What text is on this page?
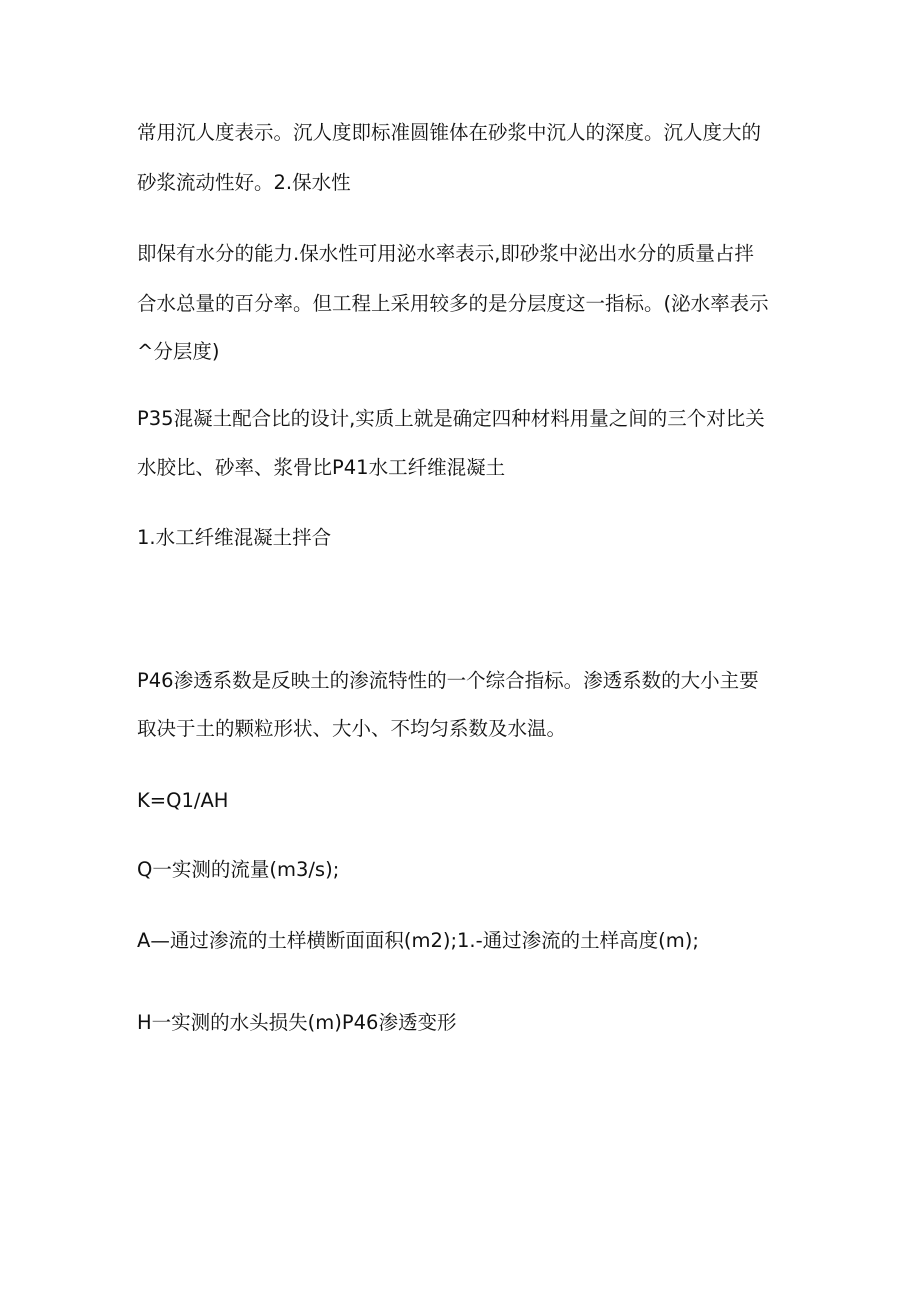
常用沉人度表示。沉人度即标准圆锥体在砂浆中沉人的深度。沉人度大的
砂浆流动性好。2.保水性
即保有水分的能力.保水性可用泌水率表示,即砂浆中泌出水分的质量占拌
合水总量的百分率。但工程上采用较多的是分层度这一指标。(泌水率表示
^分层度)
P35混凝土配合比的设计,实质上就是确定四种材料用量之间的三个对比关
水胶比、砂率、浆骨比P41水工纤维混凝土
1.水工纤维混凝土拌合
P46渗透系数是反映土的渗流特性的一个综合指标。渗透系数的大小主要
取决于土的颗粒形状、大小、不均匀系数及水温。
K=Q1∕AH
Q一实测的流量(m3∕s);
A—通过渗流的土样横断面面积(m2);1.-通过渗流的土样高度(m);
H一实测的水头损失(m)P46渗透变形
